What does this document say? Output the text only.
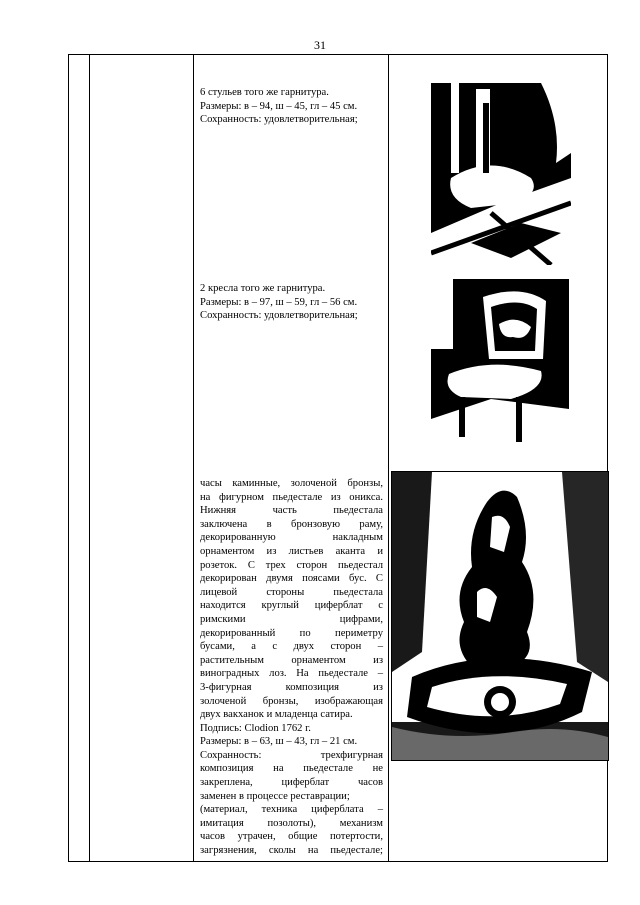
31

6 стульев того же гарнитура.

Размеры: в – 94, ш – 45, гл – 45 см.

Сохранность: удовлетворительная;

2 кресла того же гарнитура.

Размеры: в – 97, ш – 59, гл – 56 см.

Сохранность: удовлетворительная;

часы каминные, золоченой бронзы,

на фигурном пьедестале из оникса.

Нижняя часть пьедестала

заключена в бронзовую раму,

декорированную накладным

орнаментом из листьев аканта и

розеток. С трех сторон пьедестал

декорирован двумя поясами бус. С

лицевой стороны пьедестала

находится круглый циферблат с

римскими цифрами,

декорированный по периметру

бусами, а с двух сторон –

растительным орнаментом из

виноградных лоз. На пьедестале –

3-фигурная композиция из

золоченой бронзы, изображающая

двух вакханок и младенца сатира.

Подпись: Clodion 1762 г.

Размеры: в – 63, ш – 43, гл – 21 см.

Сохранность: трехфигурная

композиция на пьедестале не

закреплена, циферблат часов

заменен в процессе реставрации;

(материал, техника циферблата –

имитация позолоты), механизм

часов утрачен, общие потертости,

загрязнения, сколы на пьедестале;
